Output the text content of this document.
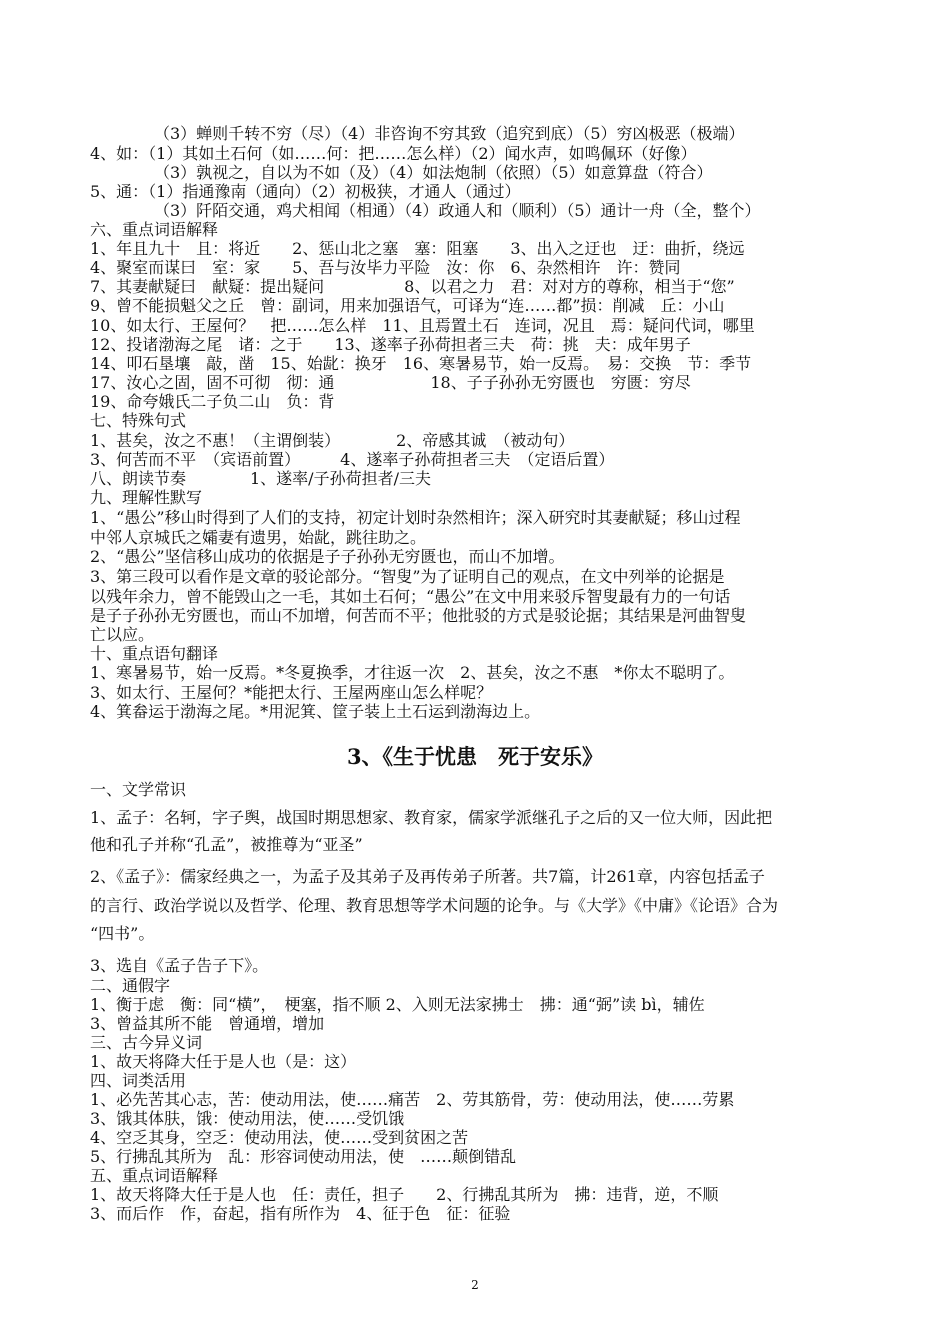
（3）蝉则千转不穷（尽）（4）非咨询不穷其致（追究到底）（5）穷凶极恶（极端）
4、如：（1）其如土石何（如……何：把……怎么样）（2）闻水声，如鸣佩环（好像）
（3）孰视之，自以为不如（及）（4）如法炮制（依照）（5）如意算盘（符合）
5、通：（1）指通豫南（通向）（2）初极狭，才通人（通过）
（3）阡陌交通，鸡犬相闻（相通）（4）政通人和（顺利）（5）通计一舟（全，整个）
六、重点词语解释
1、年且九十　且：将近　　2、惩山北之塞　塞：阻塞　　3、出入之迂也　迂：曲折，绕远
4、聚室而谋曰　室：家　　5、吾与汝毕力平险　汝：你　6、杂然相许　许：赞同
7、其妻献疑曰　献疑：提出疑问　　　　　8、以君之力　君：对对方的尊称，相当于“您”
9、曾不能损魁父之丘　曾：副词，用来加强语气，可译为“连……都”损：削减　丘：小山
10、如太行、王屋何？　把……怎么样　11、且焉置土石　连词，况且　焉：疑问代词，哪里
12、投诸渤海之尾　诸：之于　　13、遂率子孙荷担者三夫　荷：挑　夫：成年男子
14、叩石垦壤　敲，凿　15、始龀：换牙　16、寒暑易节，始一反焉。　易：交换　节：季节
17、汝心之固，固不可彻　彻：通　　　　　　18、子子孙孙无穷匮也　穷匮：穷尽
19、命夸娥氏二子负二山　负：背
七、特殊句式
1、甚矣，汝之不惠！（主谓倒装）　　　　2、帝感其诚　（被动句）
3、何苦而不平　（宾语前置）　　　4、遂率子孙荷担者三夫　（定语后置）
八、朗读节奏　　　　1、遂率/子孙荷担者/三夫
九、理解性默写
1、“愚公”移山时得到了人们的支持，初定计划时杂然相许；深入研究时其妻献疑；移山过程
中邻人京城氏之孀妻有遗男，始龀，跳往助之。
2、“愚公”坚信移山成功的依据是子子孙孙无穷匮也，而山不加增。
3、第三段可以看作是文章的驳论部分。“智叟”为了证明自己的观点，在文中列举的论据是
以残年余力，曾不能毁山之一毛，其如土石何；“愚公”在文中用来驳斥智叟最有力的一句话
是子子孙孙无穷匮也，而山不加增，何苦而不平；他批驳的方式是驳论据；其结果是河曲智叟
亡以应。
十、重点语句翻译
1、寒暑易节，始一反焉。*冬夏换季，才往返一次　2、甚矣，汝之不惠　*你太不聪明了。
3、如太行、王屋何？*能把太行、王屋两座山怎么样呢？
4、箕畚运于渤海之尾。*用泥箕、筐子装上土石运到渤海边上。
3、《生于忧患　死于安乐》
一、文学常识
1、孟子：名轲，字子舆，战国时期思想家、教育家，儒家学派继孔子之后的又一位大师，因此把
他和孔子并称“孔孟”，被推尊为“亚圣”
2、《孟子》：儒家经典之一，为孟子及其弟子及再传弟子所著。共7篇，计261章，内容包括孟子
的言行、政治学说以及哲学、伦理、教育思想等学术问题的论争。与《大学》《中庸》《论语》合为
“四书”。
3、选自《孟子告子下》。
二、通假字
1、衡于虑　衡：同“横”，　梗塞，指不顺 2、入则无法家拂士　拂：通“弼”读 bì，辅佐
3、曾益其所不能　曾通増，增加
三、古今异义词
1、故天将降大任于是人也（是：这）
四、词类活用
1、必先苦其心志，苦：使动用法，使……痛苦　2、劳其筋骨，劳：使动用法，使……劳累
3、饿其体肤，饿：使动用法，使……受饥饿
4、空乏其身，空乏：使动用法，使……受到贫困之苦
5、行拂乱其所为　乱：形容词使动用法，使　……颠倒错乱
五、重点词语解释
1、故天将降大任于是人也　任：责任，担子　　2、行拂乱其所为　拂：违背，逆，不顺
3、而后作　作，奋起，指有所作为　4、征于色　征：征验
2
